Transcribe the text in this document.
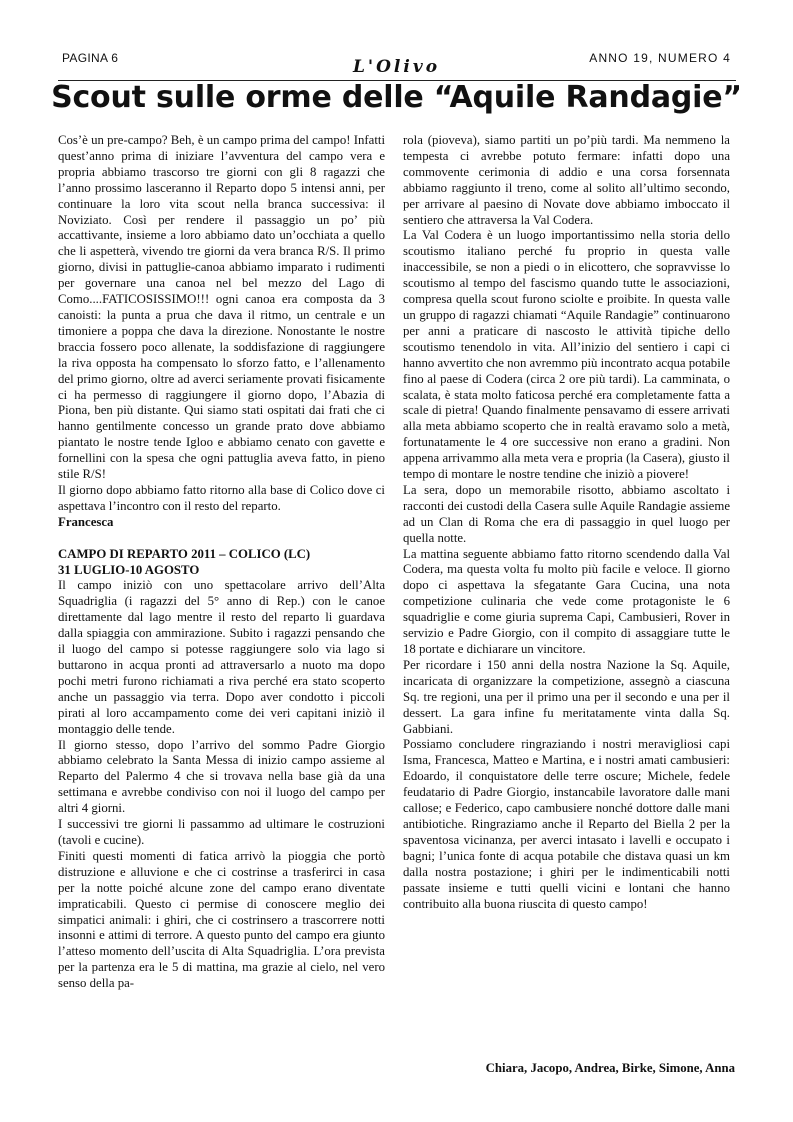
PAGINA 6	L'Olivo	ANNO 19, NUMERO 4
Scout sulle orme delle “Aquile Randagie”

Cos’è un pre-campo? Beh, è un campo prima del campo! Infatti quest’anno prima di iniziare l’avventura del campo vera e propria abbiamo trascorso tre giorni con gli 8 ragazzi che l’anno prossimo lasceranno il Reparto dopo 5 intensi anni, per continuare la loro vita scout nella branca successiva: il Noviziato. Così per rendere il passaggio un po’ più accattivante, insieme a loro abbiamo dato un’occhiata a quello che li aspetterà, vivendo tre giorni da vera branca R/S. Il primo giorno, divisi in pattuglie-canoa abbiamo imparato i rudimenti per governare una canoa nel bel mezzo del Lago di Como....FATICOSISSIMO!!! ogni canoa era composta da 3 canoisti: la punta a prua che dava il ritmo, un centrale e un timoniere a poppa che dava la direzione. Nonostante le nostre braccia fossero poco allenate, la soddisfazione di raggiungere la riva opposta ha compensato lo sforzo fatto, e l’allenamento del primo giorno, oltre ad averci seriamente provati fisicamente ci ha permesso di raggiungere il giorno dopo, l’Abazia di Piona, ben più distante. Qui siamo stati ospitati dai frati che ci hanno gentilmente concesso un grande prato dove abbiamo piantato le nostre tende Igloo e abbiamo cenato con gavette e fornellini con la spesa che ogni pattuglia aveva fatto, in pieno stile R/S!

Il giorno dopo abbiamo fatto ritorno alla base di Colico dove ci aspettava l’incontro con il resto del reparto.

Francesca

CAMPO DI REPARTO 2011 – COLICO (LC)

31 LUGLIO-10 AGOSTO

Il campo iniziò con uno spettacolare arrivo dell’Alta Squadriglia (i ragazzi del 5° anno di Rep.) con le canoe direttamente dal lago mentre il resto del reparto li guardava dalla spiaggia con ammirazione. Subito i ragazzi pensando che il luogo del campo si potesse raggiungere solo via lago si buttarono in acqua pronti ad attraversarlo a nuoto ma dopo pochi metri furono richiamati a riva perché era stato scoperto anche un passaggio via terra. Dopo aver condotto i piccoli pirati al loro accampamento come dei veri capitani iniziò il montaggio delle tende.

Il giorno stesso, dopo l’arrivo del sommo Padre Giorgio abbiamo celebrato la Santa Messa di inizio campo assieme al Reparto del Palermo 4 che si trovava nella base già da una settimana e avrebbe condiviso con noi il luogo del campo per altri 4 giorni.

I successivi tre giorni li passammo ad ultimare le costruzioni (tavoli e cucine).

Finiti questi momenti di fatica arrivò la pioggia che portò distruzione e alluvione e che ci costrinse a trasferirci in casa per la notte poiché alcune zone del campo erano diventate impraticabili. Questo ci permise di conoscere meglio dei simpatici animali: i ghiri, che ci costrinsero a trascorrere notti insonni e attimi di terrore. A questo punto del campo era giunto l’atteso momento dell’uscita di Alta Squadriglia. L’ora prevista per la partenza era le 5 di mattina, ma grazie al cielo, nel vero senso della pa-

rola (pioveva), siamo partiti un po’più tardi. Ma nemmeno la tempesta ci avrebbe potuto fermare: infatti dopo una commovente cerimonia di addio e una corsa forsennata abbiamo raggiunto il treno, come al solito all’ultimo secondo, per arrivare al paesino di Novate dove abbiamo imboccato il sentiero che attraversa la Val Codera.

La Val Codera è un luogo importantissimo nella storia dello scoutismo italiano perché fu proprio in questa valle inaccessibile, se non a piedi o in elicottero, che sopravvisse lo scoutismo al tempo del fascismo quando tutte le associazioni, compresa quella scout furono sciolte e proibite. In questa valle un gruppo di ragazzi chiamati “Aquile Randagie” continuarono per anni a praticare di nascosto le attività tipiche dello scoutismo tenendolo in vita. All’inizio del sentiero i capi ci hanno avvertito che non avremmo più incontrato acqua potabile fino al paese di Codera (circa 2 ore più tardi). La camminata, o scalata, è stata molto faticosa perché era completamente fatta a scale di pietra! Quando finalmente pensavamo di essere arrivati alla meta abbiamo scoperto che in realtà eravamo solo a metà, fortunatamente le 4 ore successive non erano a gradini. Non appena arrivammo alla meta vera e propria (la Casera), giusto il tempo di montare le nostre tendine che iniziò a piovere!

La sera, dopo un memorabile risotto, abbiamo ascoltato i racconti dei custodi della Casera sulle Aquile Randagie assieme ad un Clan di Roma che era di passaggio in quel luogo per quella notte.

La mattina seguente abbiamo fatto ritorno scendendo dalla Val Codera, ma questa volta fu molto più facile e veloce. Il giorno dopo ci aspettava la sfegatante Gara Cucina, una nota competizione culinaria che vede come protagoniste le 6 squadriglie e come giuria suprema Capi, Cambusieri, Rover in servizio e Padre Giorgio, con il compito di assaggiare tutte le 18 portate e dichiarare un vincitore.

Per ricordare i 150 anni della nostra Nazione la Sq. Aquile, incaricata di organizzare la competizione, assegnò a ciascuna Sq. tre regioni, una per il primo una per il secondo e una per il dessert. La gara infine fu meritatamente vinta dalla Sq. Gabbiani.

Possiamo concludere ringraziando i nostri meravigliosi capi Isma, Francesca, Matteo e Martina, e i nostri amati cambusieri: Edoardo, il conquistatore delle terre oscure; Michele, fedele feudatario di Padre Giorgio, instancabile lavoratore dalle mani callose; e Federico, capo cambusiere nonché dottore dalle mani antibiotiche. Ringraziamo anche il Reparto del Biella 2 per la spaventosa vicinanza, per averci intasato i lavelli e occupato i bagni; l’unica fonte di acqua potabile che distava quasi un km dalla nostra postazione; i ghiri per le indimenticabili notti passate insieme e tutti quelli vicini e lontani che hanno contribuito alla buona riuscita di questo campo!

Chiara, Jacopo, Andrea, Birke, Simone, Anna
